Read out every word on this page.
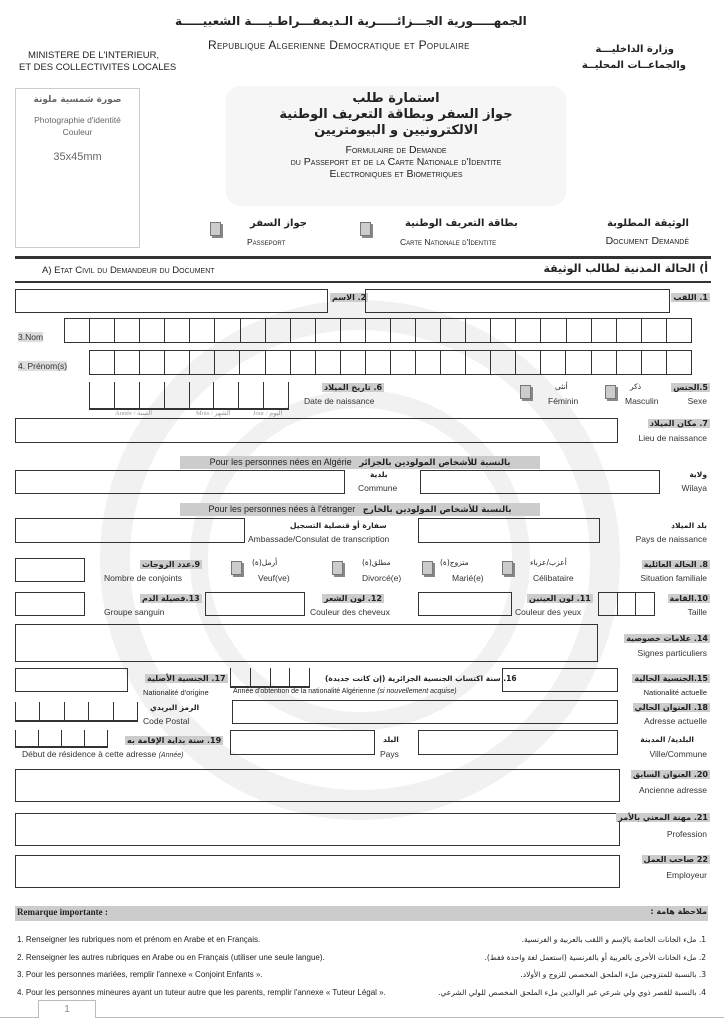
الجمهـــــورية الجـــزائـــــرية الـديمقـــراطـيــــة الشعبيـــــة
Republique Algerienne Democratique et Populaire
MINISTERE DE L'INTERIEUR,
ET DES COLLECTIVITES LOCALES
وزارة الداخليـــة
والجماعــات المحليــة
صورة شمسية ملونة
Photographie d'identité
Couleur
35x45mm
استمارة طلب
جواز السفر وبطاقة التعريف الوطنية
الالكترونيين و البيومتريين
Formulaire de Demande
du Passeport et de la Carte Nationale d'Identite
Electroniques et Biometriques
جواز السفر
Passeport
بطاقة التعريف الوطنية
Carte Nationale d'Identite
الوثيقة المطلوبة
Document Demandé
A) Etat Civil du Demandeur du Document	أ) الحالة المدنية لطالب الوثيقة
2. الاسم	1. اللقب
3.Nom
4. Prénom(s)
Année / السنة	Mois / الشهر	Jour / اليوم
6. تاريخ الميلاد
Date de naissance
أنثى
Féminin
ذكر
Masculin
5.الجنس
Sexe
7. مكان الميلاد
Lieu de naissance
Pour les personnes nées en Algérie بالنسبة للأشخاص المولودين بالجزائر
بلدية
Commune
ولاية
Wilaya
Pour les personnes nées à l'étranger بالنسبة للأشخاص المولودين بالخارج
سفارة أو قنصلية التسجيل
Ambassade/Consulat de transcription
بلد الميلاد
Pays de naissance
9.عدد الزوجات
Nombre de conjoints
أرمل(ة)
Veuf(ve)
مطلق(ة)
Divorcé(e)
متزوج(ة)
Marié(e)
أعزب/عزباء
Célibataire
8. الحالة العائلية
Situation familiale
13.فصيلة الدم
Groupe sanguin
12. لون الشعر
Couleur des cheveux
11. لون العينين
Couleur des yeux
10.القامة
Taille
14. علامات خصوصية
Signes particuliers
17. الجنسية الأصلية
Nationalité d'origine
16. سنة اكتساب الجنسية الجزائرية (إن كانت جديدة)
Année d'obtention de la nationalité Algérienne (si nouvellement acquise)
15.الجنسية الحالية
Nationalité actuelle
الرمز البريدي
Code Postal
18. العنوان الحالي
Adresse actuelle
19. سنة بداية الإقامة به
Début de résidence à cette adresse (Année)
البلد
Pays
البلدية/ المدينة
Ville/Commune
20. العنوان السابق
Ancienne adresse
21. مهنة المعني بالأمر
Profession
22 صاحب العمل
Employeur
Remarque importante :	ملاحظة هامة :
1. Renseigner les rubriques nom et prénom en Arabe et en Français.	1. ملء الخانات الخاصة بالإسم و اللقب بالعربية و الفرنسية.
2. Renseigner les autres rubriques en Arabe ou en Français (utiliser une seule langue).	2. ملء الخانات الأخرى بالعربية أو بالفرنسية (استعمل لغة واحدة فقط).
3. Pour les personnes mariées, remplir l'annexe « Conjoint Enfants ».	3. بالنسبة للمتزوجين ملء الملحق المخصص للزوج و الأولاد.
4. Pour les personnes mineures ayant un tuteur autre que les parents, remplir l'annexe « Tuteur Légal ».	4. بالنسبة للقصر ذوي ولي شرعي غير الوالدين ملء الملحق المخصص للولي الشرعي.
1
